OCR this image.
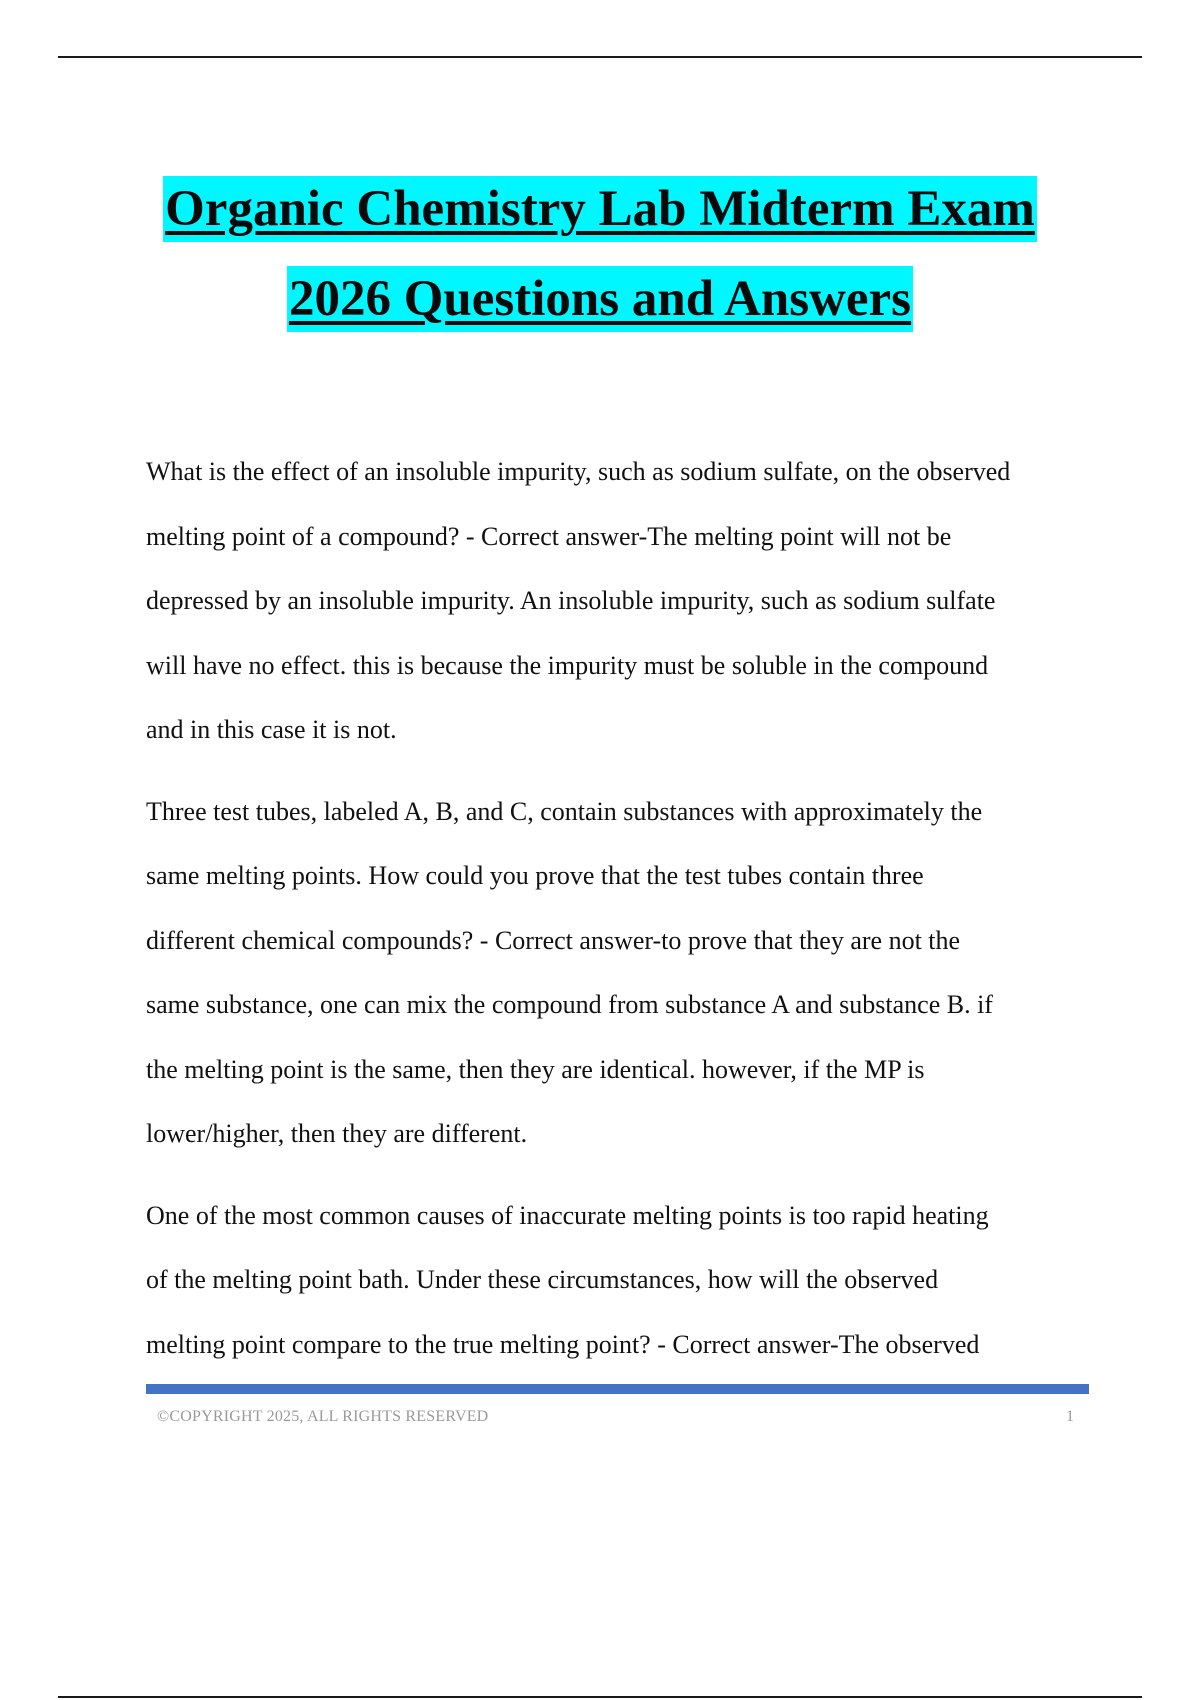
Organic Chemistry Lab Midterm Exam
2026 Questions and Answers
What is the effect of an insoluble impurity, such as sodium sulfate, on the observed
melting point of a compound? - Correct answer-The melting point will not be
depressed by an insoluble impurity. An insoluble impurity, such as sodium sulfate
will have no effect. this is because the impurity must be soluble in the compound
and in this case it is not.
Three test tubes, labeled A, B, and C, contain substances with approximately the
same melting points. How could you prove that the test tubes contain three
different chemical compounds? - Correct answer-to prove that they are not the
same substance, one can mix the compound from substance A and substance B. if
the melting point is the same, then they are identical. however, if the MP is
lower/higher, then they are different.
One of the most common causes of inaccurate melting points is too rapid heating
of the melting point bath. Under these circumstances, how will the observed
melting point compare to the true melting point? - Correct answer-The observed
©COPYRIGHT 2025, ALL RIGHTS RESERVED	1
